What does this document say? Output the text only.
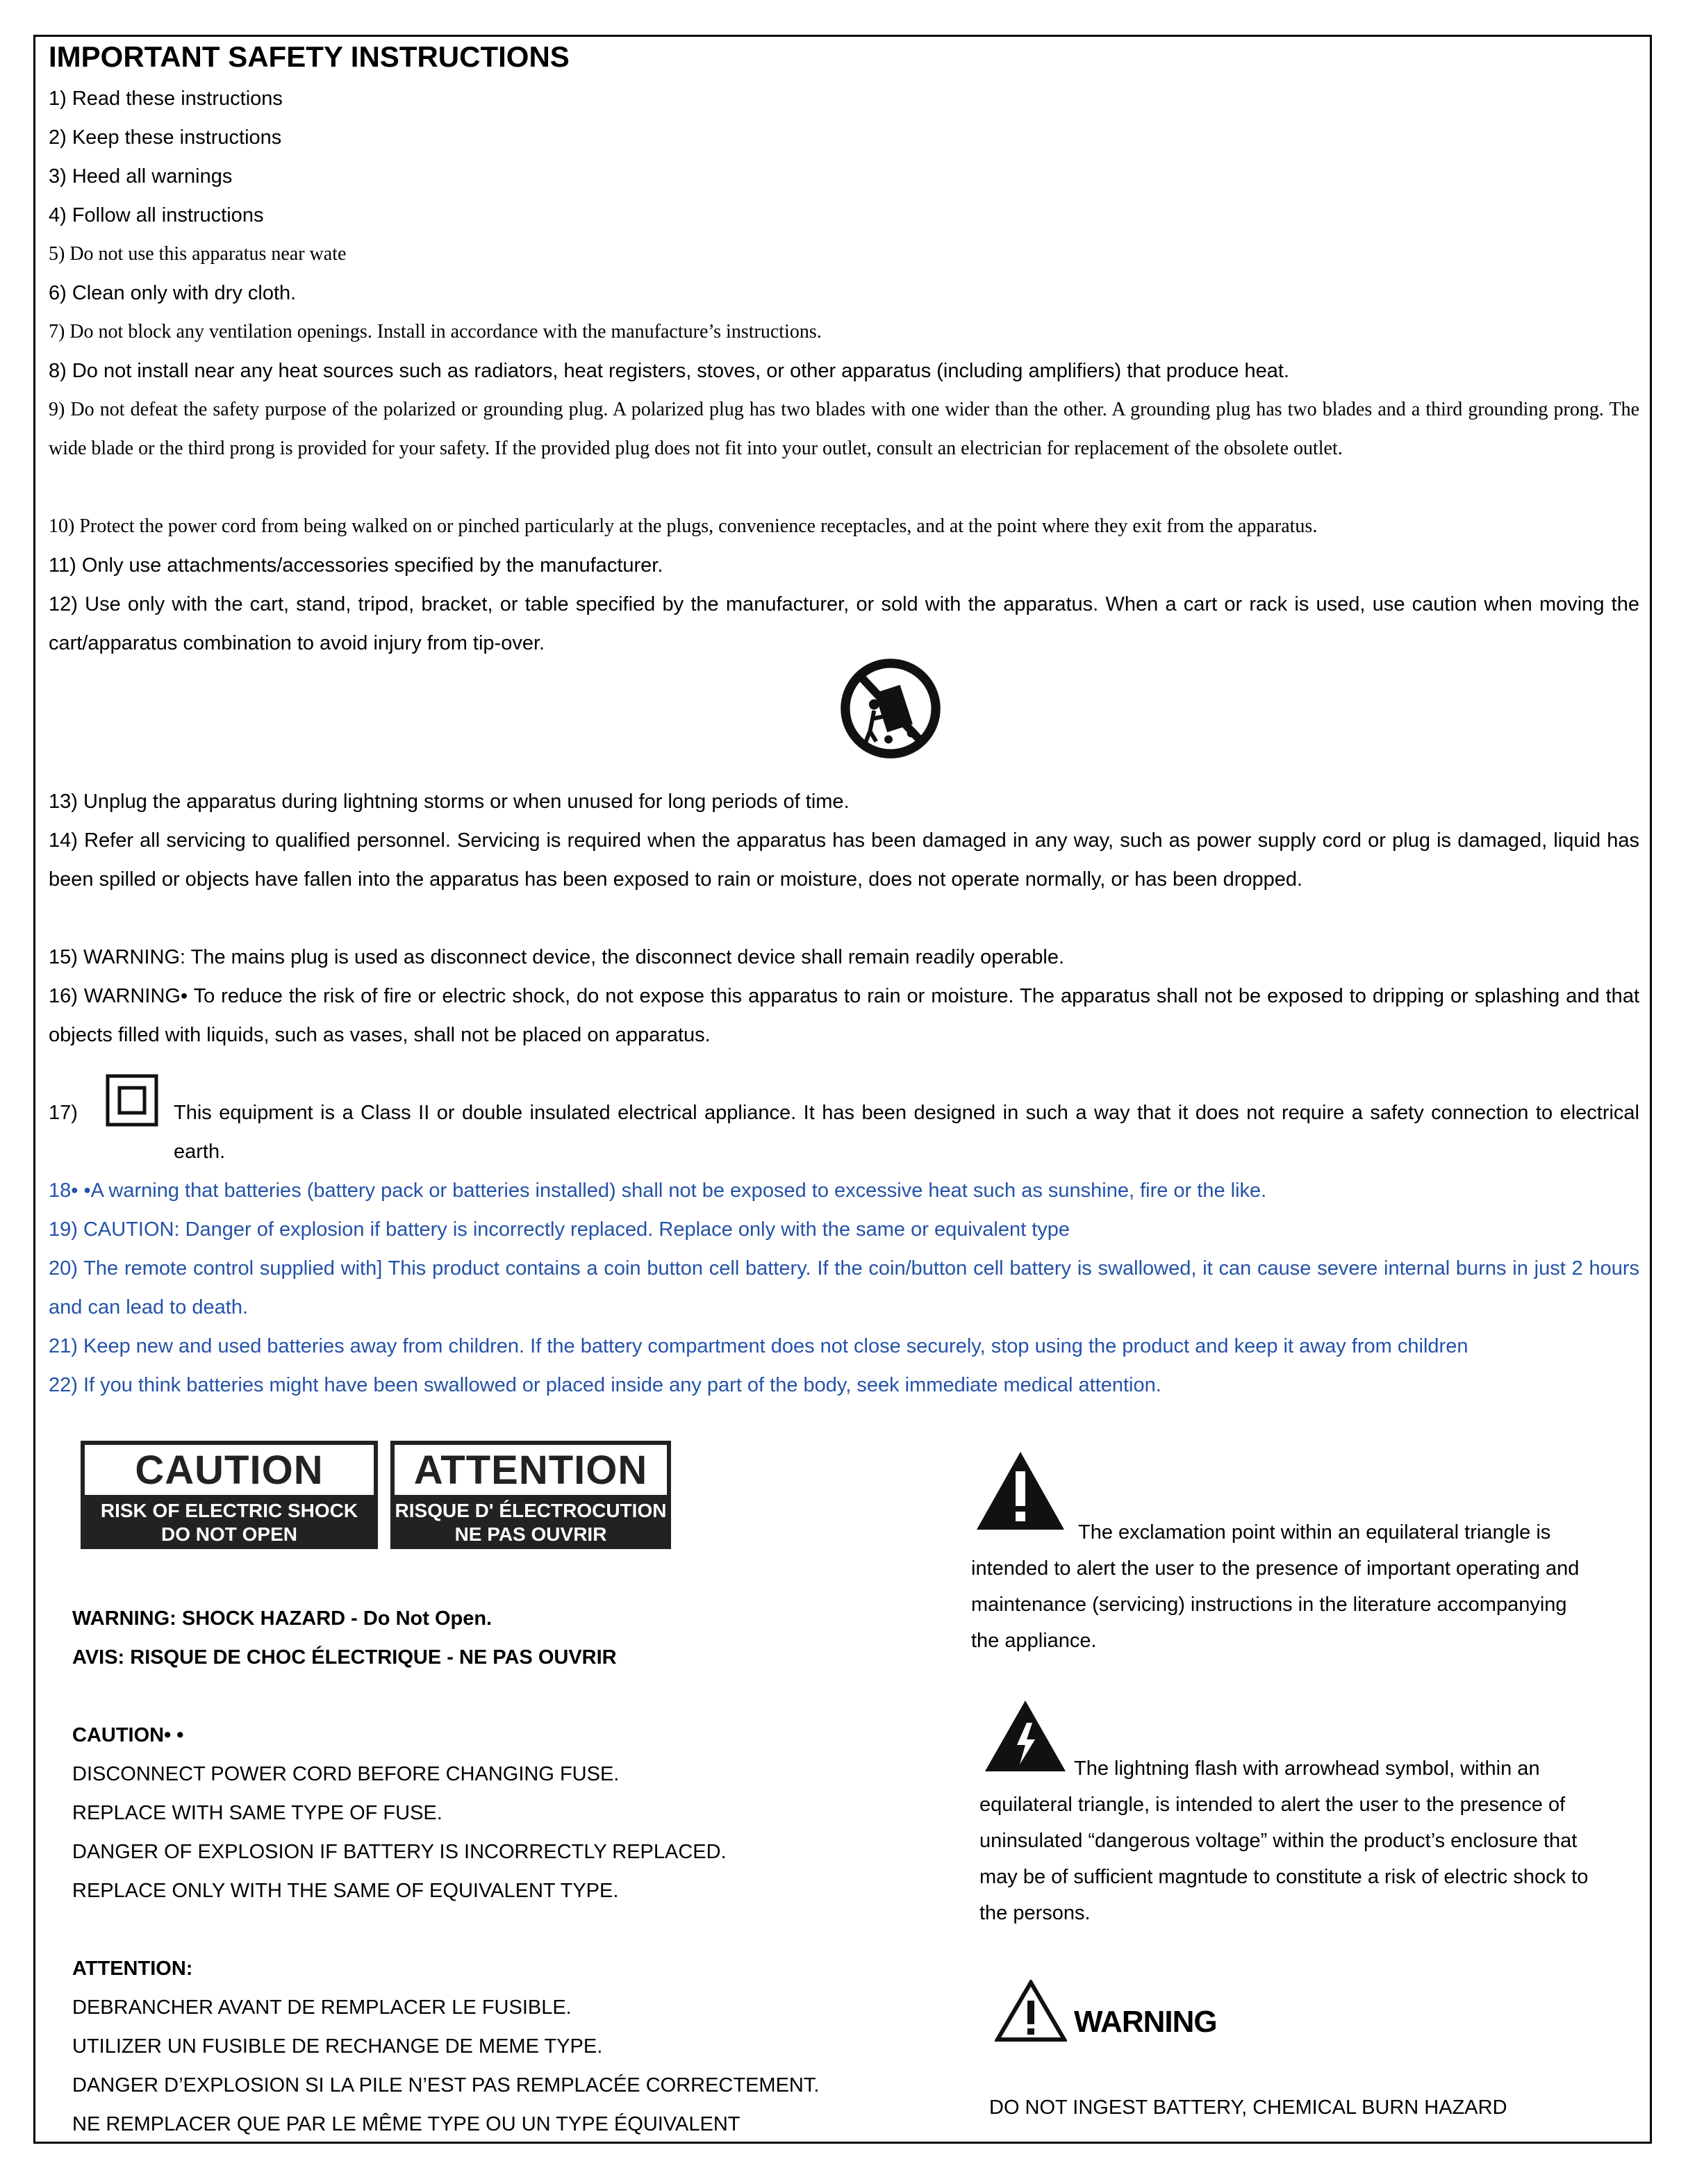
IMPORTANT SAFETY INSTRUCTIONS
1) Read these instructions
2) Keep these instructions
3) Heed all warnings
4) Follow all instructions
5) Do not use this apparatus near wate
6) Clean only with dry cloth.
7) Do not block any ventilation openings. Install in accordance with the manufacture’s instructions.
8) Do not install near any heat sources such as radiators, heat registers, stoves, or other apparatus (including amplifiers) that produce heat.
9) Do not defeat the safety purpose of the polarized or grounding plug. A polarized plug has two blades with one wider than the other. A grounding plug has two blades and a third grounding prong. The wide blade or the third prong is provided for your safety. If the provided plug does not fit into your outlet, consult an electrician for replacement of the obsolete outlet.
10) Protect the power cord from being walked on or pinched particularly at the plugs, convenience receptacles, and at the point where they exit from the apparatus.
11) Only use attachments/accessories specified by the manufacturer.
12) Use only with the cart, stand, tripod, bracket, or table specified by the manufacturer, or sold with the apparatus. When a cart or rack is used, use caution when moving the cart/apparatus combination to avoid injury from tip-over.
13) Unplug the apparatus during lightning storms or when unused for long periods of time.
14) Refer all servicing to qualified personnel. Servicing is required when the apparatus has been damaged in any way, such as power supply cord or plug is damaged, liquid has been spilled or objects have fallen into the apparatus has been exposed to rain or moisture, does not operate normally, or has been dropped.
15) WARNING: The mains plug is used as disconnect device, the disconnect device shall remain readily operable.
16) WARNING• To reduce the risk of fire or electric shock, do not expose this apparatus to rain or moisture. The apparatus shall not be exposed to dripping or splashing and that objects filled with liquids, such as vases, shall not be placed on apparatus.
17)	This equipment is a Class II or double insulated electrical appliance. It has been designed in such a way that it does not require a safety connection to electrical earth.
18• •A warning that batteries (battery pack or batteries installed) shall not be exposed to excessive heat such as sunshine, fire or the like.
19) CAUTION: Danger of explosion if battery is incorrectly replaced. Replace only with the same or equivalent type
20) The remote control supplied with] This product contains a coin button cell battery. If the coin/button cell battery is swallowed, it can cause severe internal burns in just 2 hours and can lead to death.
21) Keep new and used batteries away from children. If the battery compartment does not close securely, stop using the product and keep it away from children
22) If you think batteries might have been swallowed or placed inside any part of the body, seek immediate medical attention.
CAUTION
RISK OF ELECTRIC SHOCK
DO NOT OPEN
ATTENTION
RISQUE D' ÉLECTROCUTION
NE PAS OUVRIR
WARNING: SHOCK HAZARD - Do Not Open.
AVIS: RISQUE DE CHOC ÉLECTRIQUE - NE PAS OUVRIR
CAUTION• •
DISCONNECT POWER CORD BEFORE CHANGING FUSE.
REPLACE WITH SAME TYPE OF FUSE.
DANGER OF EXPLOSION IF BATTERY IS INCORRECTLY REPLACED.
REPLACE ONLY WITH THE SAME OF EQUIVALENT TYPE.
ATTENTION:
DEBRANCHER AVANT DE REMPLACER LE FUSIBLE.
UTILIZER UN FUSIBLE DE RECHANGE DE MEME TYPE.
DANGER D’EXPLOSION SI LA PILE N’EST PAS REMPLACÉE CORRECTEMENT.
NE REMPLACER QUE PAR LE MÊME TYPE OU UN TYPE ÉQUIVALENT
The exclamation point within an equilateral triangle is intended to alert the user to the presence of important operating and maintenance (servicing) instructions in the literature accompanying the appliance.
The lightning flash with arrowhead symbol, within an equilateral triangle, is intended to alert the user to the presence of uninsulated “dangerous voltage” within the product’s enclosure that may be of sufficient magntude to constitute a risk of electric shock to the persons.
WARNING
DO NOT INGEST BATTERY, CHEMICAL BURN HAZARD
